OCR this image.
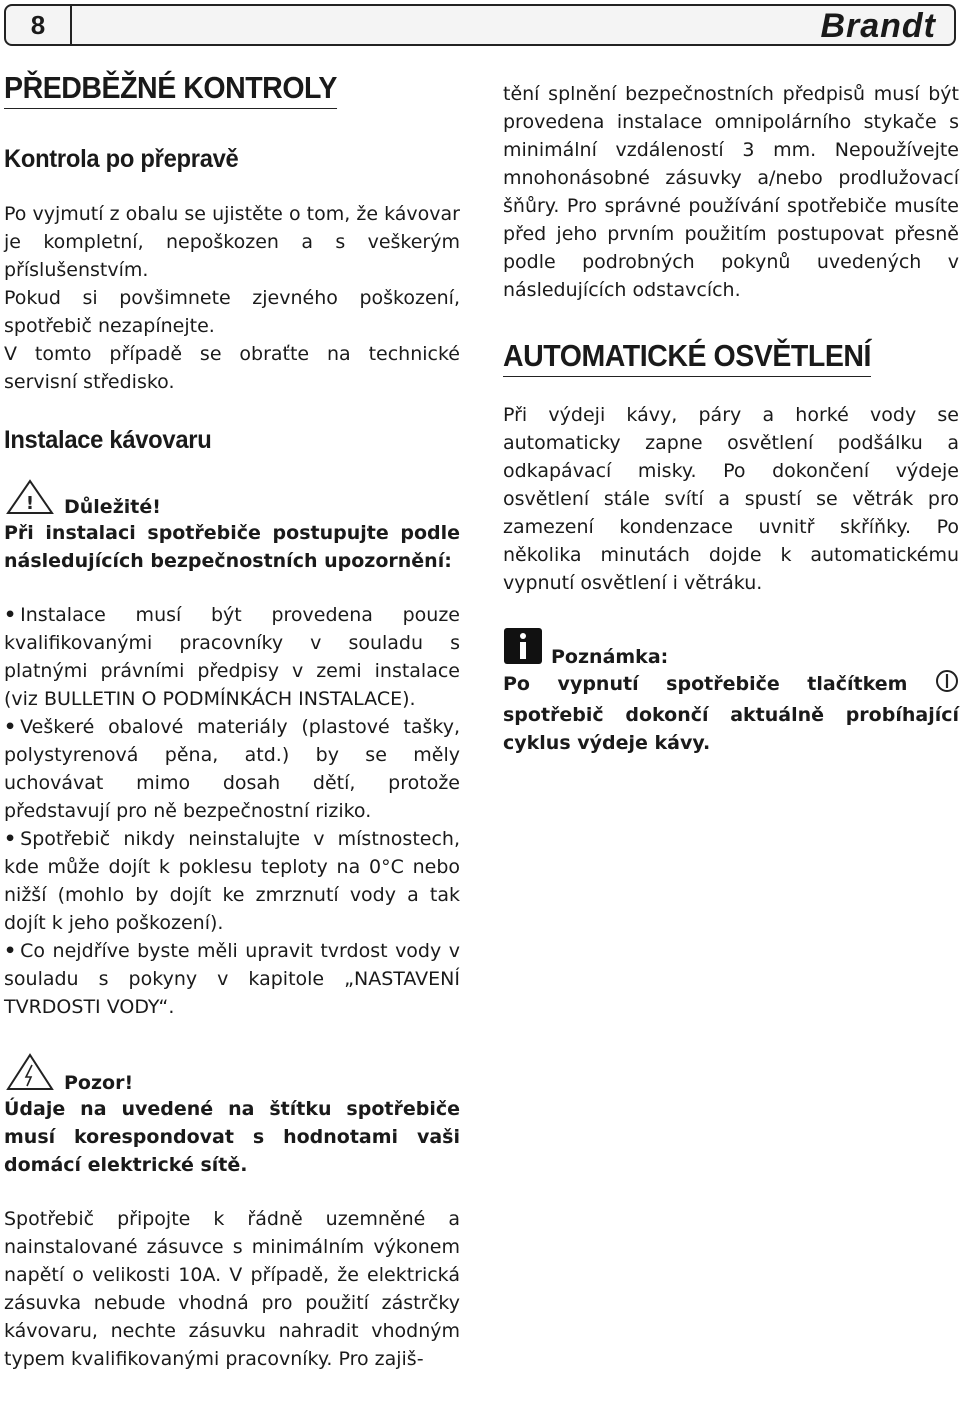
8	Brandt
PŘEDBĚŽNÉ KONTROLY
Kontrola po přepravě

Po vyjmutí z obalu se ujistěte o tom, že kávovar je kompletní, nepoškozen a s veškerým příslušenstvím.

Pokud si povšimnete zjevného poškození, spotřebič nezapínejte.

V tomto případě se obraťte na technické servisní středisko.

Instalace kávovaru
! Důležité!

Při instalaci spotřebiče postupujte podle následujících bezpečnostních upozornění:

• Instalace musí být provedena pouze kvalifikovanými pracovníky v souladu s platnými právními předpisy v zemi instalace (viz BULLETIN O PODMÍNKÁCH INSTALACE).

• Veškeré obalové materiály (plastové tašky, polystyrenová pěna, atd.) by se měly uchovávat mimo dosah dětí, protože představují pro ně bezpečnostní riziko.

• Spotřebič nikdy neinstalujte v místnostech, kde může dojít k poklesu teploty na 0°C nebo nižší (mohlo by dojít ke zmrznutí vody a tak dojít k jeho poškození).

• Co nejdříve byste měli upravit tvrdost vody v souladu s pokyny v kapitole „NASTAVENÍ TVRDOSTI VODY“.

Pozor!

Údaje na uvedené na štítku spotřebiče musí korespondovat s hodnotami vaši domácí elektrické sítě.

Spotřebič připojte k řádně uzemněné a nainstalované zásuvce s minimálním výkonem napětí o velikosti 10A. V případě, že elektrická zásuvka nebude vhodná pro použití zástrčky kávovaru, nechte zásuvku nahradit vhodným typem kvalifikovanými pracovníky. Pro zajiš-

tění splnění bezpečnostních předpisů musí být provedena instalace omnipolárního stykače s minimální vzdáleností 3 mm. Nepoužívejte mnohonásobné zásuvky a/nebo prodlužovací šňůry. Pro správné používání spotřebiče musíte před jeho prvním použitím postupovat přesně podle podrobných pokynů uvedených v následujících odstavcích.

AUTOMATICKÉ OSVĚTLENÍ

Při výdeji kávy, páry a horké vody se automaticky zapne osvětlení podšálku a odkapávací misky. Po dokončení výdeje osvětlení stále svítí a spustí se větrák pro zamezení kondenzace uvnitř skříňky. Po několika minutách dojde k automatickému vypnutí osvětlení i větráku.

Poznámka:

Po vypnutí spotřebiče tlačítkem  spotřebič dokončí aktuálně probíhající cyklus výdeje kávy.
